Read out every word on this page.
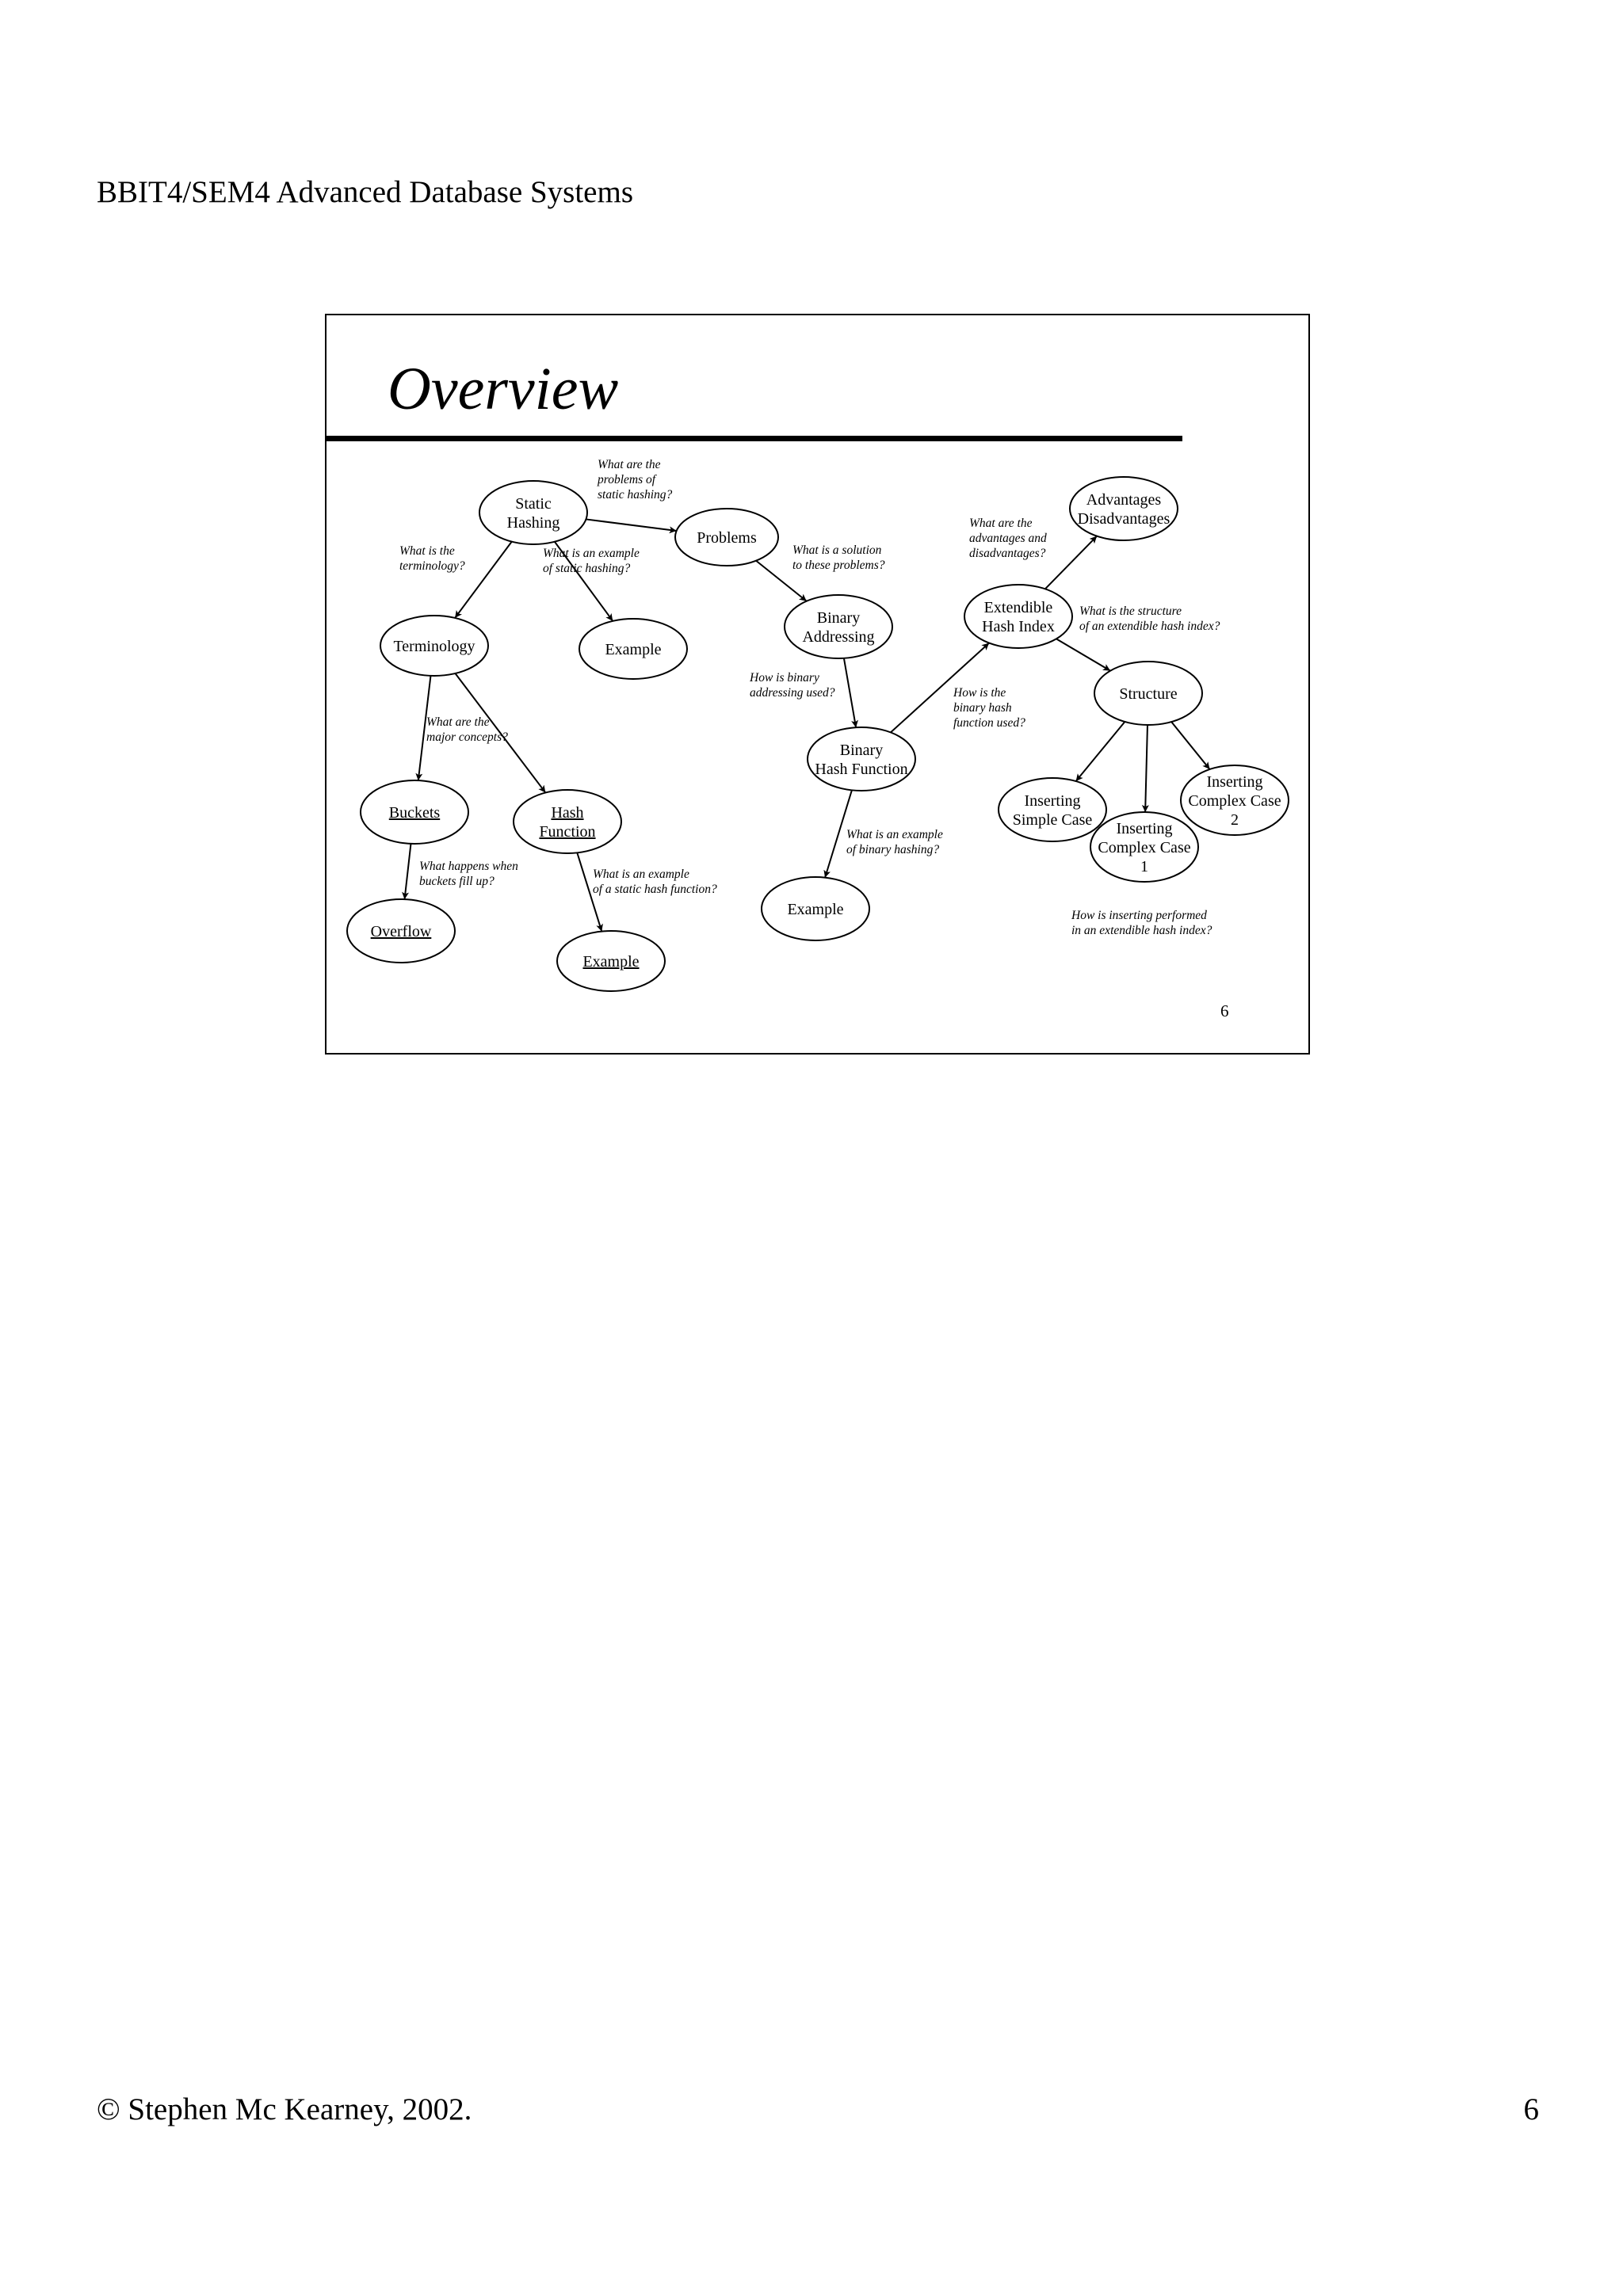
BBIT4/SEM4 Advanced Database Systems
Overview
Static
Hashing
Problems
Terminology	Example
Buckets	Hash
Function
Overflow
Example
Binary
Addressing
Binary
Hash Function
Example
Extendible
Hash Index
Advantages
Disadvantages
Structure
Inserting
Simple Case Inserting
Complex Case
1
Inserting
Complex Case
2
What are the
problems of
static hashing?
What is the
terminology?
What is an example
of static hashing?
What are the
major concepts?
What happens when
buckets fill up?
What is an example
of a static hash function?
What is a solution
to these problems?
How is binary
addressing used?	How is the
binary hash
function used?
What is an example
of binary hashing?
What are the
advantages and
disadvantages?
What is the structure
of an extendible hash index?
How is inserting performed
in an extendible hash index?
6
© Stephen Mc Kearney, 2002.	6
